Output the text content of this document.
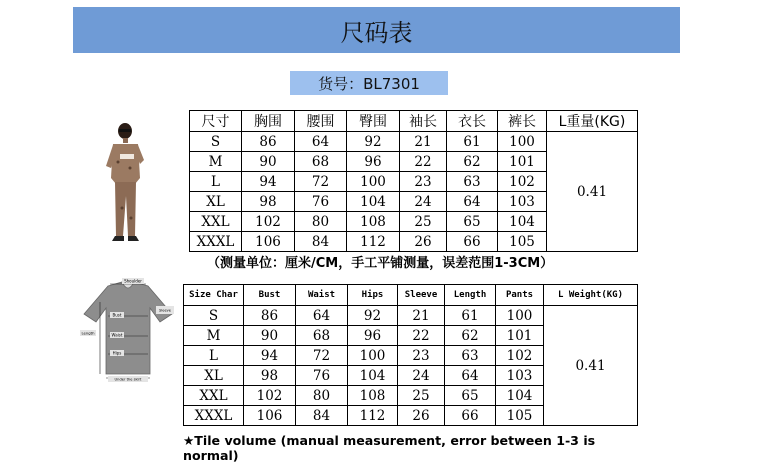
尺码表
货号：BL7301
尺寸	胸围	腰围	臀围	袖长	衣长	裤长	L重量(KG)
S	86	64	92	21	61	100	0.41
M	90	68	96	22	62	101	
L	94	72	100	23	63	102	
XL	98	76	104	24	64	103	
XXL	102	80	108	25	65	104	
XXXL	106	84	112	26	66	105	
（测量单位：厘米/CM，手工平铺测量，误差范围1-3CM）
Shoulder
Bust
Waist
Hips
Sleeve
Length
Under the skirt
Size Char	Bust	Waist	Hips	Sleeve	Length	Pants	L Weight(KG)
S	86	64	92	21	61	100	0.41
M	90	68	96	22	62	101	
L	94	72	100	23	63	102	
XL	98	76	104	24	64	103	
XXL	102	80	108	25	65	104	
XXXL	106	84	112	26	66	105	
★Tile volume (manual measurement, error between 1-3 is normal)
